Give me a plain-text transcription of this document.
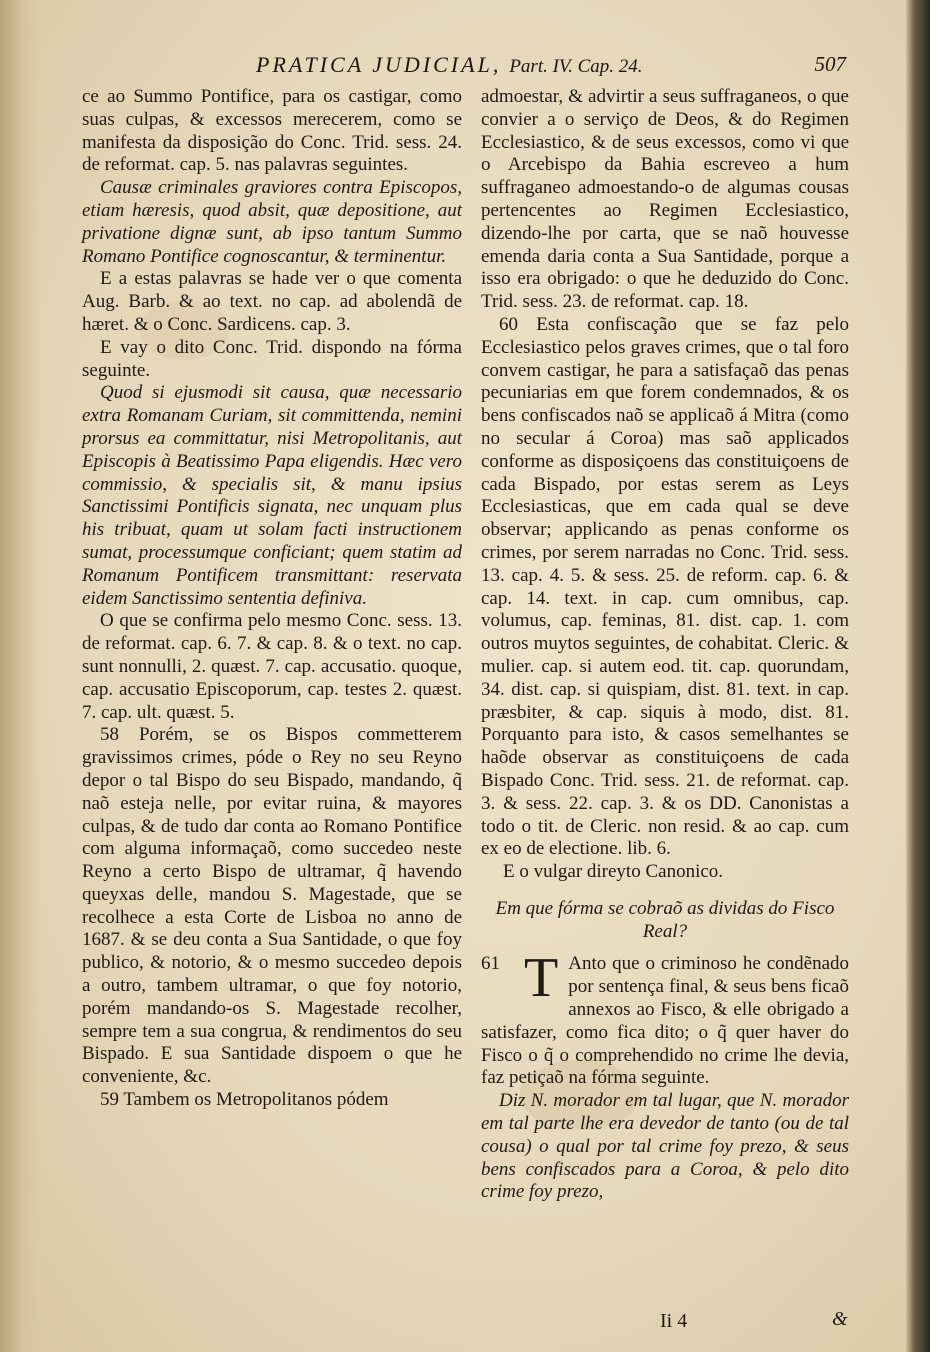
PRATICA JUDICIAL, Part. IV. Cap. 24.	507

ce ao Summo Pontifice, para os castigar, como suas culpas, & excessos merecerem, como se manifesta da disposição do Conc. Trid. sess. 24. de reformat. cap. 5. nas palavras seguintes.

Causæ criminales graviores contra Episcopos, etiam hæresis, quod absit, quæ depositione, aut privatione dignæ sunt, ab ipso tantum Summo Romano Pontifice cognoscantur, & terminentur.

E a estas palavras se hade ver o que comenta Aug. Barb. & ao text. no cap. ad abolendã de hæret. & o Conc. Sardicens. cap. 3.

E vay o dito Conc. Trid. dispondo na fórma seguinte.

Quod si ejusmodi sit causa, quæ necessario extra Romanam Curiam, sit committenda, nemini prorsus ea committatur, nisi Metropolitanis, aut Episcopis à Beatissimo Papa eligendis. Hæc vero commissio, & specialis sit, & manu ipsius Sanctissimi Pontificis signata, nec unquam plus his tribuat, quam ut solam facti instructionem sumat, processumque conficiant; quem statim ad Romanum Pontificem transmittant: reservata eidem Sanctissimo sententia definiva.

O que se confirma pelo mesmo Conc. sess. 13. de reformat. cap. 6. 7. & cap. 8. & o text. no cap. sunt nonnulli, 2. quæst. 7. cap. accusatio. quoque, cap. accusatio Episcoporum, cap. testes 2. quæst. 7. cap. ult. quæst. 5.

58 Porém, se os Bispos commetterem gravissimos crimes, póde o Rey no seu Reyno depor o tal Bispo do seu Bispado, mandando, q̃ naõ esteja nelle, por evitar ruina, & mayores culpas, & de tudo dar conta ao Romano Pontifice com alguma informaçaõ, como succedeo neste Reyno a certo Bispo de ultramar, q̃ havendo queyxas delle, mandou S. Magestade, que se recolhece a esta Corte de Lisboa no anno de 1687. & se deu conta a Sua Santidade, o que foy publico, & notorio, & o mesmo succedeo depois a outro, tambem ultramar, o que foy notorio, porém mandando-os S. Magestade recolher, sempre tem a sua congrua, & rendimentos do seu Bispado. E sua Santidade dispoem o que he conveniente, &c.

59 Tambem os Metropolitanos pódem

admoestar, & advirtir a seus suffraganeos, o que convier a o serviço de Deos, & do Regimen Ecclesiastico, & de seus excessos, como vi que o Arcebispo da Bahia escreveo a hum suffraganeo admoestando-o de algumas cousas pertencentes ao Regimen Ecclesiastico, dizendo-lhe por carta, que se naõ houvesse emenda daria conta a Sua Santidade, porque a isso era obrigado: o que he deduzido do Conc. Trid. sess. 23. de reformat. cap. 18.

60 Esta confiscação que se faz pelo Ecclesiastico pelos graves crimes, que o tal foro convem castigar, he para a satisfaçaõ das penas pecuniarias em que forem condemnados, & os bens confiscados naõ se applicaõ á Mitra (como no secular á Coroa) mas saõ applicados conforme as disposiçoens das constituiçoens de cada Bispado, por estas serem as Leys Ecclesiasticas, que em cada qual se deve observar; applicando as penas conforme os crimes, por serem narradas no Conc. Trid. sess. 13. cap. 4. 5. & sess. 25. de reform. cap. 6. & cap. 14. text. in cap. cum omnibus, cap. volumus, cap. feminas, 81. dist. cap. 1. com outros muytos seguintes, de cohabitat. Cleric. & mulier. cap. si autem eod. tit. cap. quorundam, 34. dist. cap. si quispiam, dist. 81. text. in cap. præsbiter, & cap. siquis à modo, dist. 81. Porquanto para isto, & casos semelhantes se haõde observar as constituiçoens de cada Bispado Conc. Trid. sess. 21. de reformat. cap. 3. & sess. 22. cap. 3. & os DD. Canonistas a todo o tit. de Cleric. non resid. & ao cap. cum ex eo de electione. lib. 6.

E o vulgar direyto Canonico.

Em que fórma se cobraõ as dividas do Fisco Real?

61 T Anto que o criminoso he condẽnado por sentença final, & seus bens ficaõ annexos ao Fisco, & elle obrigado a satisfazer, como fica dito; o q̃ quer haver do Fisco o q̃ o comprehendido no crime lhe devia, faz petiçaõ na fórma seguinte.

Diz N. morador em tal lugar, que N. morador em tal parte lhe era devedor de tanto (ou de tal cousa) o qual por tal crime foy prezo, & seus bens confiscados para a Coroa, & pelo dito crime foy prezo,

Ii 4	&
